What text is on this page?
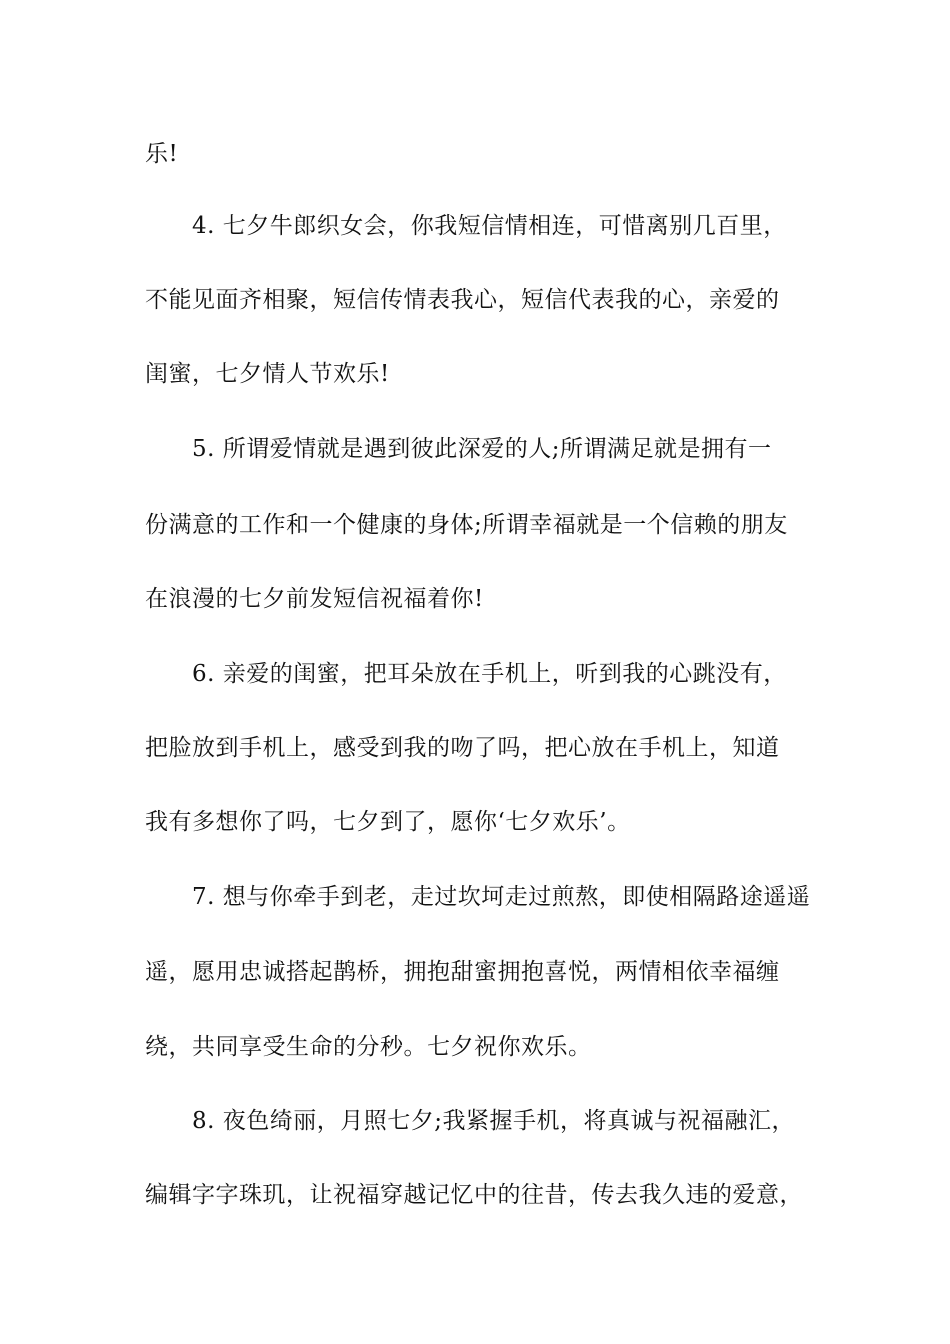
乐!
4. 七夕牛郎织女会，你我短信情相连，可惜离别几百里，
不能见面齐相聚，短信传情表我心，短信代表我的心，亲爱的
闺蜜，七夕情人节欢乐!
5. 所谓爱情就是遇到彼此深爱的人;所谓满足就是拥有一
份满意的工作和一个健康的身体;所谓幸福就是一个信赖的朋友
在浪漫的七夕前发短信祝福着你!
6. 亲爱的闺蜜，把耳朵放在手机上，听到我的心跳没有，
把脸放到手机上，感受到我的吻了吗，把心放在手机上，知道
我有多想你了吗，七夕到了，愿你‘七夕欢乐’。
7. 想与你牵手到老，走过坎坷走过煎熬，即使相隔路途遥遥
遥，愿用忠诚搭起鹊桥，拥抱甜蜜拥抱喜悦，两情相依幸福缠
绕，共同享受生命的分秒。七夕祝你欢乐。
8. 夜色绮丽，月照七夕;我紧握手机，将真诚与祝福融汇，
编辑字字珠玑，让祝福穿越记忆中的往昔，传去我久违的爱意，
